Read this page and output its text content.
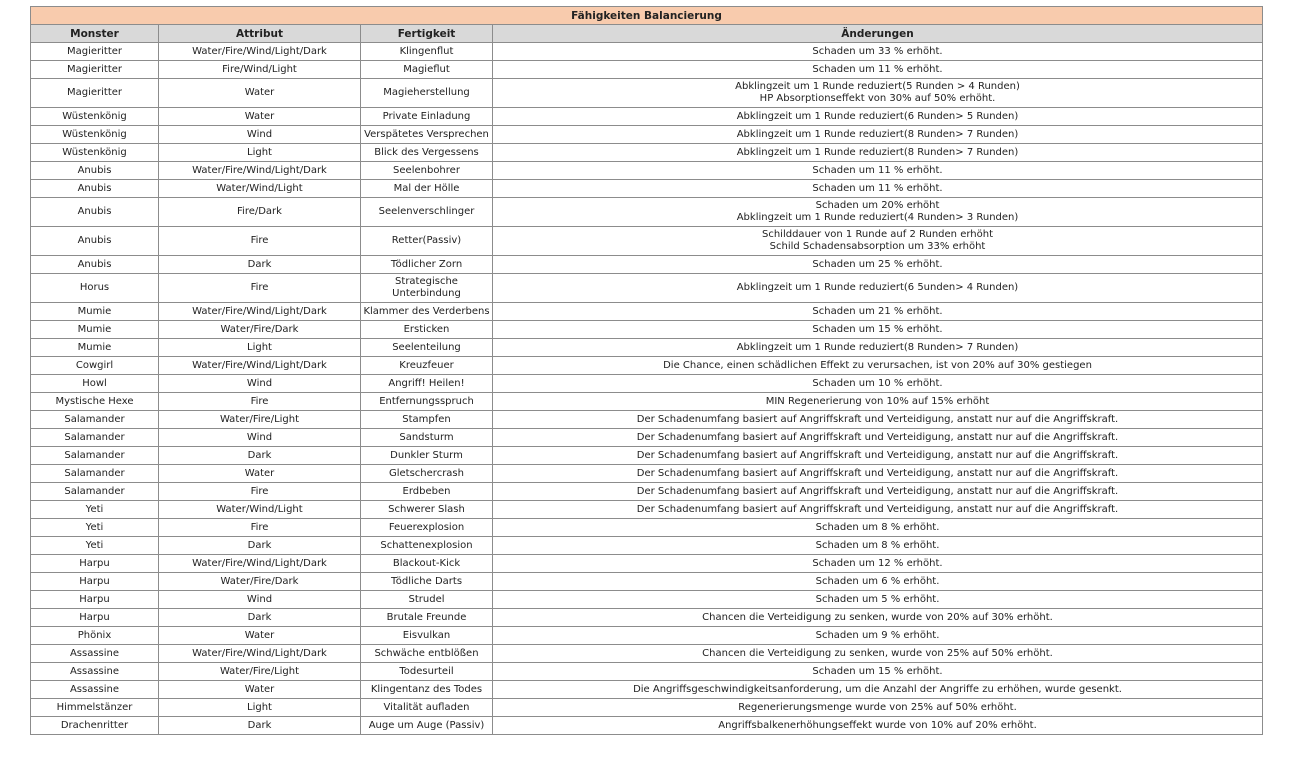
Fähigkeiten Balancierung			
Monster	Attribut	Fertigkeit	Änderungen
Magieritter	Water/Fire/Wind/Light/Dark	Klingenflut	Schaden um 33 % erhöht.

Magieritter	Fire/Wind/Light	Magieflut	Schaden um 11 % erhöht.

Magieritter	Water	Magieherstellung	Abklingzeit um 1 Runde reduziert(5 Runden > 4 Runden)
HP Absorptionseffekt von 30% auf 50% erhöht.

Wüstenkönig	Water	Private Einladung	Abklingzeit um 1 Runde reduziert(6 Runden> 5 Runden)

Wüstenkönig	Wind	Verspätetes Versprechen	Abklingzeit um 1 Runde reduziert(8 Runden> 7 Runden)

Wüstenkönig	Light	Blick des Vergessens	Abklingzeit um 1 Runde reduziert(8 Runden> 7 Runden)

Anubis	Water/Fire/Wind/Light/Dark	Seelenbohrer	Schaden um 11 % erhöht.

Anubis	Water/Wind/Light	Mal der Hölle	Schaden um 11 % erhöht.

Anubis	Fire/Dark	Seelenverschlinger	Schaden um 20% erhöht
Abklingzeit um 1 Runde reduziert(4 Runden> 3 Runden)

Anubis	Fire	Retter(Passiv)	Schilddauer von 1 Runde auf 2 Runden erhöht
Schild Schadensabsorption um 33% erhöht

Anubis	Dark	Tödlicher Zorn	Schaden um 25 % erhöht.

Horus	Fire	Strategische Unterbindung	Abklingzeit um 1 Runde reduziert(6 5unden> 4 Runden)

Mumie	Water/Fire/Wind/Light/Dark	Klammer des Verderbens	Schaden um 21 % erhöht.

Mumie	Water/Fire/Dark	Ersticken	Schaden um 15 % erhöht.

Mumie	Light	Seelenteilung	Abklingzeit um 1 Runde reduziert(8 Runden> 7 Runden)

Cowgirl	Water/Fire/Wind/Light/Dark	Kreuzfeuer	Die Chance, einen schädlichen Effekt zu verursachen, ist von 20% auf 30% gestiegen

Howl	Wind	Angriff! Heilen!	Schaden um 10 % erhöht.

Mystische Hexe	Fire	Entfernungsspruch	MIN Regenerierung von 10% auf 15% erhöht

Salamander	Water/Fire/Light	Stampfen	Der Schadenumfang basiert auf Angriffskraft und Verteidigung, anstatt nur auf die Angriffskraft.

Salamander	Wind	Sandsturm	Der Schadenumfang basiert auf Angriffskraft und Verteidigung, anstatt nur auf die Angriffskraft.

Salamander	Dark	Dunkler Sturm	Der Schadenumfang basiert auf Angriffskraft und Verteidigung, anstatt nur auf die Angriffskraft.

Salamander	Water	Gletschercrash	Der Schadenumfang basiert auf Angriffskraft und Verteidigung, anstatt nur auf die Angriffskraft.

Salamander	Fire	Erdbeben	Der Schadenumfang basiert auf Angriffskraft und Verteidigung, anstatt nur auf die Angriffskraft.

Yeti	Water/Wind/Light	Schwerer Slash	Der Schadenumfang basiert auf Angriffskraft und Verteidigung, anstatt nur auf die Angriffskraft.

Yeti	Fire	Feuerexplosion	Schaden um 8 % erhöht.

Yeti	Dark	Schattenexplosion	Schaden um 8 % erhöht.

Harpu	Water/Fire/Wind/Light/Dark	Blackout-Kick	Schaden um 12 % erhöht.

Harpu	Water/Fire/Dark	Tödliche Darts	Schaden um 6 % erhöht.

Harpu	Wind	Strudel	Schaden um 5 % erhöht.

Harpu	Dark	Brutale Freunde	Chancen die Verteidigung zu senken, wurde von 20% auf 30% erhöht.

Phönix	Water	Eisvulkan	Schaden um 9 % erhöht.

Assassine	Water/Fire/Wind/Light/Dark	Schwäche entblößen	Chancen die Verteidigung zu senken, wurde von 25% auf 50% erhöht.

Assassine	Water/Fire/Light	Todesurteil	Schaden um 15 % erhöht.

Assassine	Water	Klingentanz des Todes	Die Angriffsgeschwindigkeitsanforderung, um die Anzahl der Angriffe zu erhöhen, wurde gesenkt.

Himmelstänzer	Light	Vitalität aufladen	Regenerierungsmenge wurde von 25% auf 50% erhöht.

Drachenritter	Dark	Auge um Auge (Passiv)	Angriffsbalkenerhöhungseffekt wurde von 10% auf 20% erhöht.
